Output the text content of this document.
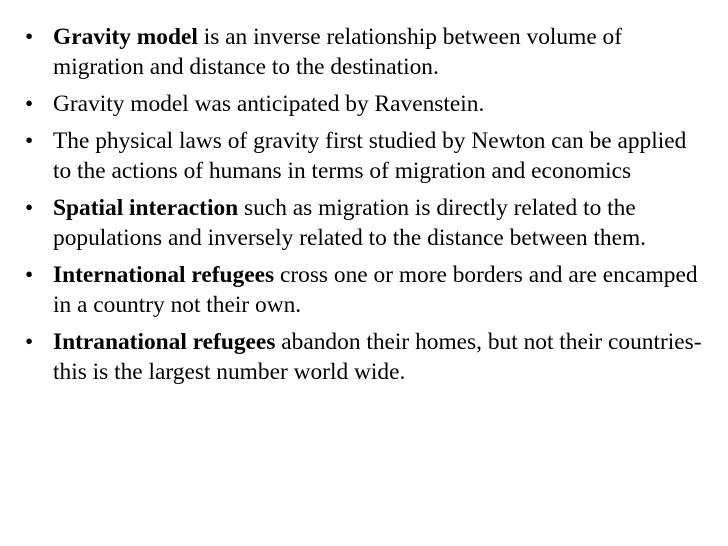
• Gravity model is an inverse relationship between volume of migration and distance to the destination.
• Gravity model was anticipated by Ravenstein.
• The physical laws of gravity first studied by Newton can be applied to the actions of humans in terms of migration and economics
• Spatial interaction such as migration is directly related to the populations and inversely related to the distance between them.
• International refugees cross one or more borders and are encamped in a country not their own.
• Intranational refugees abandon their homes, but not their countries-this is the largest number world wide.
